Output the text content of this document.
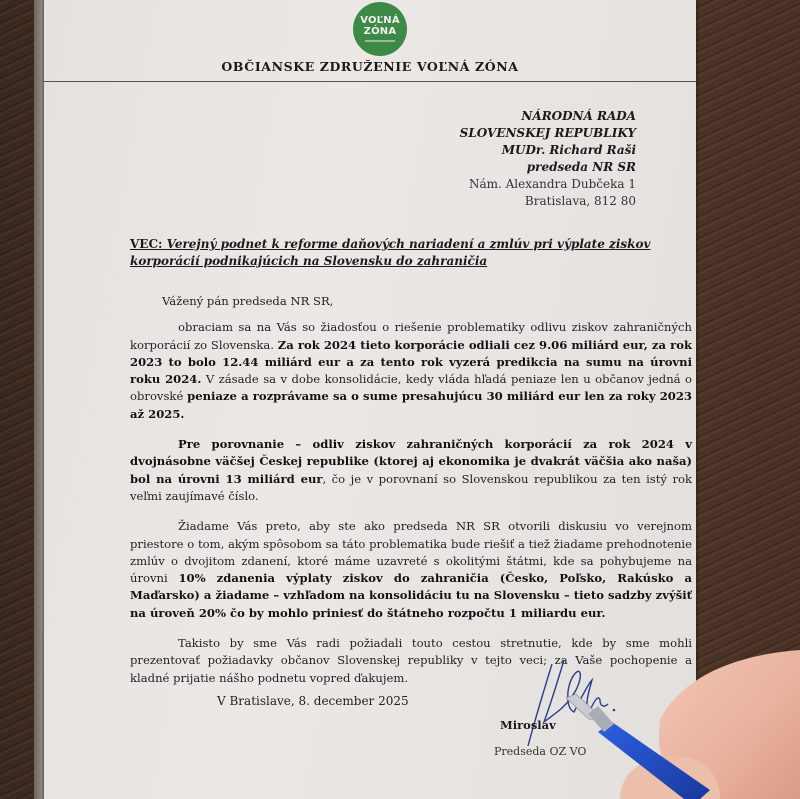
VOĽNÁ
ZÓNA
OBČIANSKE ZDRUŽENIE VOĽNÁ ZÓNA
NÁRODNÁ RADA
SLOVENSKEJ REPUBLIKY
MUDr. Richard Raši
predseda NR SR
Nám. Alexandra Dubčeka 1
Bratislava, 812 80
VEC: Verejný podnet k reforme daňových nariadení a zmlúv pri výplate ziskov korporácií podnikajúcich na Slovensku do zahraničia

Vážený pán predseda NR SR,

obraciam sa na Vás so žiadosťou o riešenie problematiky odlivu ziskov zahraničných korporácií zo Slovenska. Za rok 2024 tieto korporácie odliali cez 9.06 miliárd eur, za rok 2023 to bolo 12.44 miliárd eur a za tento rok vyzerá predikcia na sumu na úrovni roku 2024. V zásade sa v dobe konsolidácie, kedy vláda hľadá peniaze len u občanov jedná o obrovské peniaze a rozprávame sa o sume presahujúcu 30 miliárd eur len za roky 2023 až 2025.

Pre porovnanie – odliv ziskov zahraničných korporácií za rok 2024 v dvojnásobne väčšej Českej republike (ktorej aj ekonomika je dvakrát väčšia ako naša) bol na úrovni 13 miliárd eur, čo je v porovnaní so Slovenskou republikou za ten istý rok veľmi zaujímavé číslo.

Žiadame Vás preto, aby ste ako predseda NR SR otvorili diskusiu vo verejnom priestore o tom, akým spôsobom sa táto problematika bude riešiť a tiež žiadame prehodnotenie zmlúv o dvojitom zdanení, ktoré máme uzavreté s okolitými štátmi, kde sa pohybujeme na úrovni 10% zdanenia výplaty ziskov do zahraničia (Česko, Poľsko, Rakúsko a Maďarsko) a žiadame – vzhľadom na konsolidáciu tu na Slovensku – tieto sadzby zvýšiť na úroveň 20% čo by mohlo priniesť do štátneho rozpočtu 1 miliardu eur.

Takisto by sme Vás radi požiadali touto cestou stretnutie, kde by sme mohli prezentovať požiadavky občanov Slovenskej republiky v tejto veci; za Vaše pochopenie a kladné prijatie nášho podnetu vopred ďakujem.

V Bratislave, 8. december 2025
Miroslav
Predseda OZ VO
